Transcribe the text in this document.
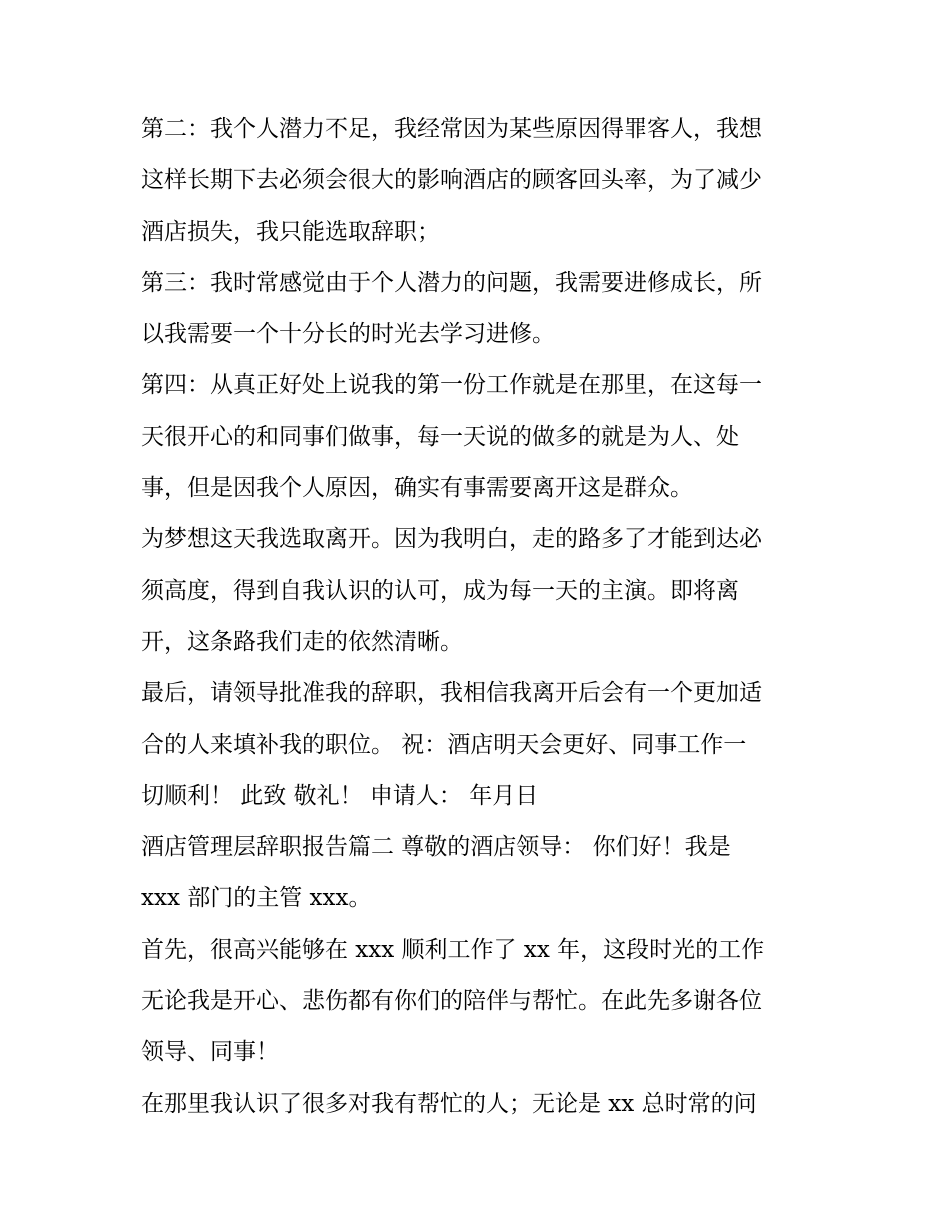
第二：我个人潜力不足，我经常因为某些原因得罪客人，我想
这样长期下去必须会很大的影响酒店的顾客回头率，为了减少
酒店损失，我只能选取辞职；
第三：我时常感觉由于个人潜力的问题，我需要进修成长，所
以我需要一个十分长的时光去学习进修。
第四：从真正好处上说我的第一份工作就是在那里，在这每一
天很开心的和同事们做事，每一天说的做多的就是为人、处
事，但是因我个人原因，确实有事需要离开这是群众。
为梦想这天我选取离开。因为我明白，走的路多了才能到达必
须高度，得到自我认识的认可，成为每一天的主演。即将离
开，这条路我们走的依然清晰。
最后，请领导批准我的辞职，我相信我离开后会有一个更加适
合的人来填补我的职位。 祝：酒店明天会更好、同事工作一
切顺利！ 此致 敬礼！ 申请人： 年月日
酒店管理层辞职报告篇二 尊敬的酒店领导： 你们好！我是
xxx 部门的主管 xxx。
首先，很高兴能够在 xxx 顺利工作了 xx 年，这段时光的工作
无论我是开心、悲伤都有你们的陪伴与帮忙。在此先多谢各位
领导、同事！
在那里我认识了很多对我有帮忙的人；无论是 xx 总时常的问
